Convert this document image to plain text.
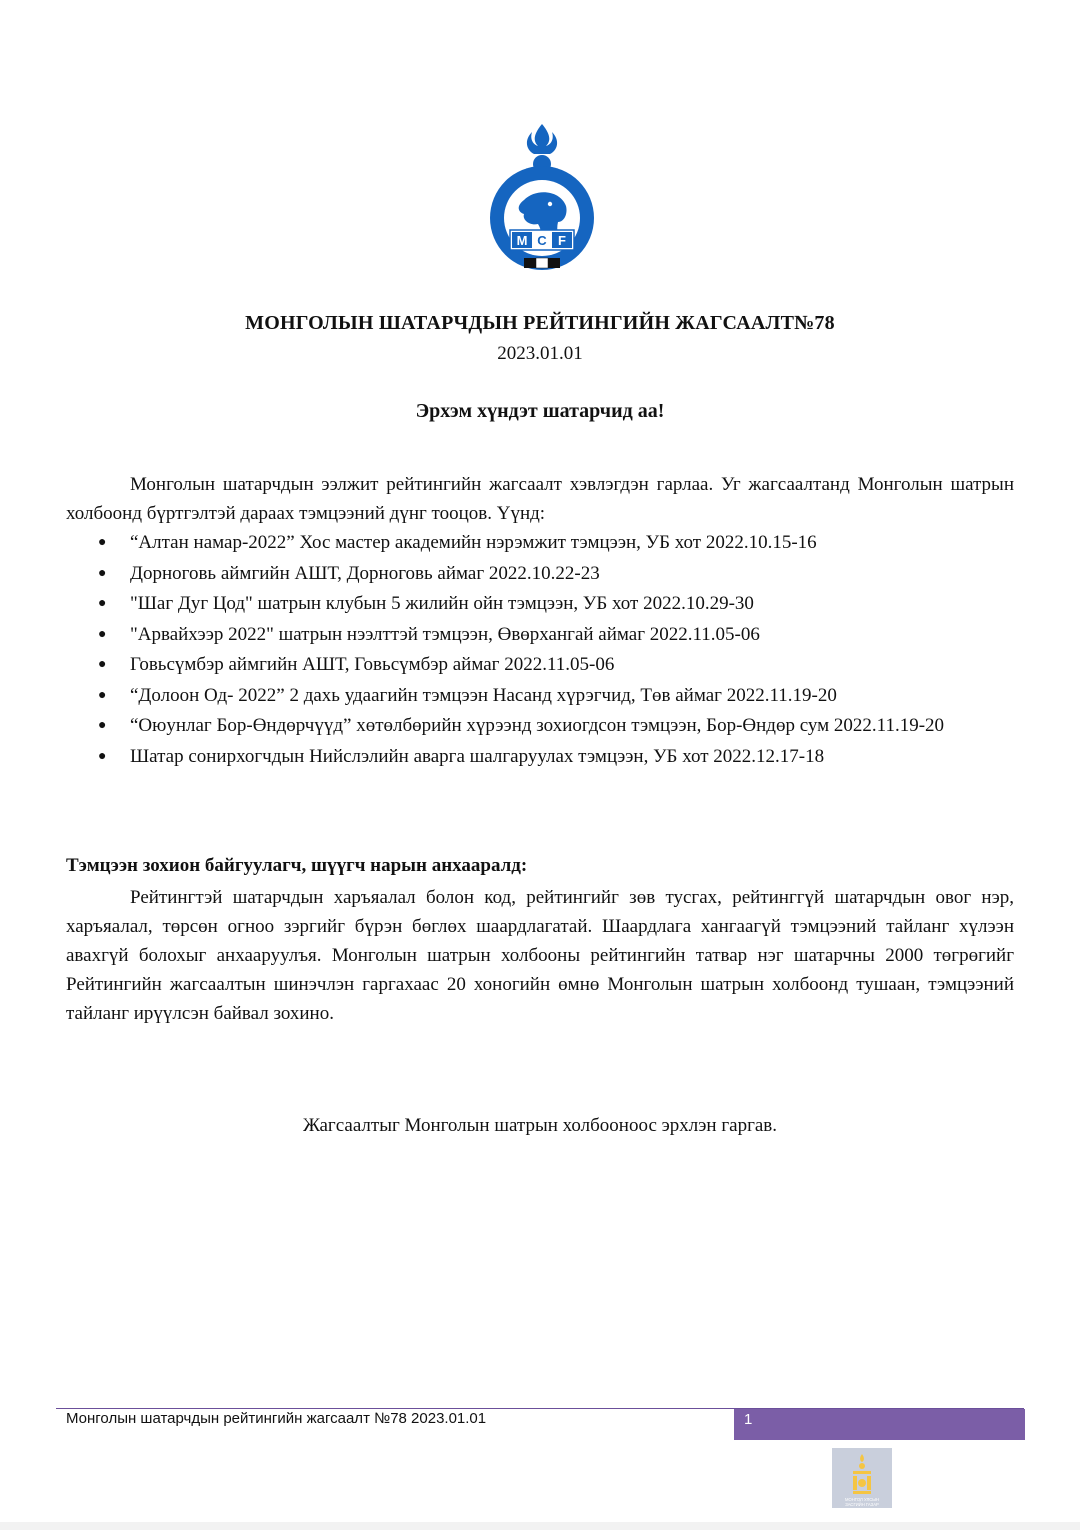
M C F
МОНГОЛЫН ШАТАРЧДЫН РЕЙТИНГИЙН ЖАГСААЛТ№78
2023.01.01
Эрхэм хүндэт шатарчид аа!

Монголын шатарчдын ээлжит рейтингийн жагсаалт хэвлэгдэн гарлаа. Уг жагсаалтанд Монголын шатрын холбоонд бүртгэлтэй дараах тэмцээний дүнг тооцов. Үүнд:

● “Алтан намар-2022” Хос мастер академийн нэрэмжит тэмцээн, УБ хот 2022.10.15-16
● Дорноговь аймгийн АШТ, Дорноговь аймаг 2022.10.22-23
● "Шаг Дуг Цод" шатрын клубын 5 жилийн ойн тэмцээн, УБ хот 2022.10.29-30
● "Арвайхээр 2022" шатрын нээлттэй тэмцээн, Өвөрхангай аймаг 2022.11.05-06
● Говьсүмбэр аймгийн АШТ, Говьсүмбэр аймаг 2022.11.05-06
● “Долоон Од- 2022” 2 дахь удаагийн тэмцээн Насанд хүрэгчид, Төв аймаг 2022.11.19-20
● “Оюунлаг Бор-Өндөрчүүд” хөтөлбөрийн хүрээнд зохиогдсон тэмцээн, Бор-Өндөр сум 2022.11.19-20
● Шатар сонирхогчдын Нийслэлийн аварга шалгаруулах тэмцээн, УБ хот 2022.12.17-18
Тэмцээн зохион байгуулагч, шүүгч нарын анхааралд:

Рейтингтэй шатарчдын харъяалал болон код, рейтингийг зөв тусгах, рейтинггүй шатарчдын овог нэр, харъяалал, төрсөн огноо зэргийг бүрэн бөглөх шаардлагатай. Шаардлага хангаагүй тэмцээний тайланг хүлээн авахгүй болохыг анхааруулъя. Монголын шатрын холбооны рейтингийн татвар нэг шатарчны 2000 төгрөгийг Рейтингийн жагсаалтын шинэчлэн гаргахаас 20 хоногийн өмнө Монголын шатрын холбоонд тушаан, тэмцээний тайланг ирүүлсэн байвал зохино.

Жагсаалтыг Монголын шатрын холбооноос эрхлэн гаргав.
Монголын шатарчдын рейтингийн жагсаалт №78 2023.01.01	1
МОНГОЛ УЛСЫН
ЗАСГИЙН ГАЗАР
